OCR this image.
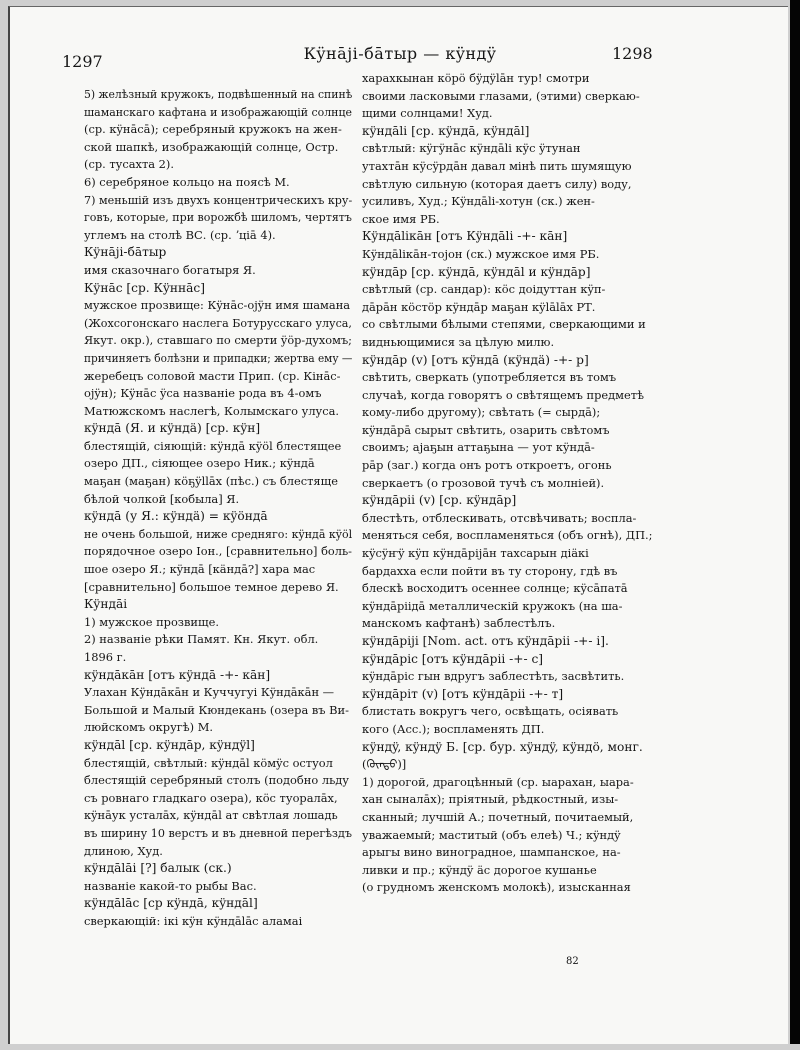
1297	Кÿнājі-бāтыр — кÿндÿ	1298

5) желѣзный кружокъ, подвѣшенный на спинѣ

шаманскаго кафтана и изображающій солнце

(ср. кÿнāсā); серебряный кружокъ на жен-

ской шапкѣ, изображающій солнце, Остр.

(ср. тусахта 2).

6) серебряное кольцо на поясѣ М.

7) меньшій изъ двухъ концентрическихъ кру-

говъ, которые, при ворожбѣ шиломъ, чертятъ

углемъ на столѣ ВС. (ср. ʼціā 4).

Кÿнājі-бāтыр

имя сказочнаго богатыря Я.

Кÿнāс [ср. Кÿннāс]

мужское прозвище: Кÿнāс-ојÿн имя шамана

(Жохсогонскаго наслега Ботурусскаго улуса,

Якут. окр.), ставшаго по смерти ÿöр-духомъ;

причиняетъ болѣзни и припадки; жертва ему —

жеребецъ соловой масти Прип. (ср. Кінāс-

ојÿн); Кÿнāс ÿса названіе рода въ 4-омъ

Матюжскомъ наслегѣ, Колымскаго улуса.

кÿндā (Я. и кÿндä) [ср. кÿн]

блестящій, сіяющій: кÿндā кÿöl блестящее

озеро ДП., сіяющее озеро Ник.; кÿндā

маҕан (маҕан) кöҕÿllāх (пѣс.) съ блестяще

бѣлой чолкой [кобыла] Я.

кÿндā (у Я.: кÿндä) = кÿöндā

не очень большой, ниже средняго: кÿндā кÿöl

порядочное озеро Іон., [сравнительно] боль-

шое озеро Я.; кÿндā [кäндā?] хара мас

[сравнительно] большое темное дерево Я.

Кÿндāі

1) мужское прозвище.

2) названіе рѣки Памят. Кн. Якут. обл.

1896 г.

кÿндāкāн [отъ кÿндā -+- кāн]

Улахан Кÿндāкāн и Куччугуі Кÿндāкāн —

Большой и Малый Кюндекань (озера въ Ви-

люйскомъ округѣ) М.

кÿндāl [ср. кÿндāр, кÿндÿl]

блестящій, свѣтлый: кÿндāl кöмÿс остуол

блестящій серебряный столъ (подобно льду

съ ровнаго гладкаго озера), кöс туоралāх,

кÿнāук усталāх, кÿндāl ат свѣтлая лошадь

въ ширину 10 верстъ и въ дневной перегѣздъ

длиною, Худ.

кÿндālāі [?] балык (ск.)

названіе какой-то рыбы Вас.

кÿндālāс [ср кÿндā, кÿндāl]

сверкающій: ікі кÿн кÿндālāс аламаі

харахкынан кöрö бÿдÿlāн тур! смотри

своими ласковыми глазами, (этими) сверкаю-

щими солнцами! Худ.

кÿндāli [ср. кÿндā, кÿндāl]

свѣтлый: кÿгÿнāс кÿндāli кÿс ÿтунан

утахтāн кÿсÿрдāн давал мінѣ пить шумящую

свѣтлую сильную (которая даетъ силу) воду,

усиливъ, Худ.; Кÿндāli-хотун (ск.) жен-

ское имя РБ.

Кÿндāliкāн [отъ Кÿндāli -+- кāн]

Кÿндāliкāн-тојон (ск.) мужское имя РБ.

кÿндāр [ср. кÿндā, кÿндāl и кÿндāр]

свѣтлый (ср. сандар): кöс доідуттан кÿп-

дāрāн кöстöр кÿндāр маҕан кÿlālāх РТ.

со свѣтлыми бѣлыми степями, сверкающими и

видньющимися за цѣлую милю.

кÿндāр (v) [отъ кÿндā (кÿндä) -+- р]

свѣтить, сверкать (употребляется въ томъ

случаѣ, когда говорятъ о свѣтящемъ предметѣ

кому-либо другому); свѣтать (= сырдā);

кÿндāрā сырыт свѣтить, озарить свѣтомъ

своимъ; аjaҕын аттаҕына — уот кÿндā-

рāр (заг.) когда онъ ротъ откроетъ, огонь

сверкаетъ (о грозовой тучѣ съ молніей).

кÿндāріі (v) [ср. кÿндāр]

блестѣть, отблескивать, отсвѣчивать; воспла-

меняться себя, воспламеняться (объ огнѣ), ДП.;

кÿсÿҥÿ кÿп кÿндāріjāн тахсарын діäкі

бардахха если пойти въ ту сторону, гдѣ въ

блескѣ восходитъ осеннее солнце; кÿсāпатā

кÿндāріідā металлическій кружокъ (на ша-

манскомъ кафтанѣ) заблестѣлъ.

кÿндāріjі [Nom. act. отъ кÿндāріі -+- і].

кÿндāріс [отъ кÿндāріі -+- с]

кÿндāріс гын вдругъ заблестѣть, засвѣтить.

кÿндāріт (v) [отъ кÿндāріі -+- т]

блистать вокругъ чего, освѣщать, осіявать

кого (Асс.); воспламенять ДП.

кÿндÿ, кÿндÿ Б. [ср. бур. хÿндÿ, кÿндö, монг.

(ᠬᠦᠨᠳᠦ)]

1) дорогой, драгоцѣнный (ср. ыарахан, ыара-

хан сыналāх); пріятный, рѣдкостный, изы-

сканный; лучшій А.; почетный, почитаемый,

уважаемый; маститый (объ елеѣ) Ч.; кÿндÿ

арыгы вино виноградное, шампанское, на-

ливки и пр.; кÿндÿ äс дорогое кушанье

(о грудномъ женскомъ молокѣ), изысканная

82
